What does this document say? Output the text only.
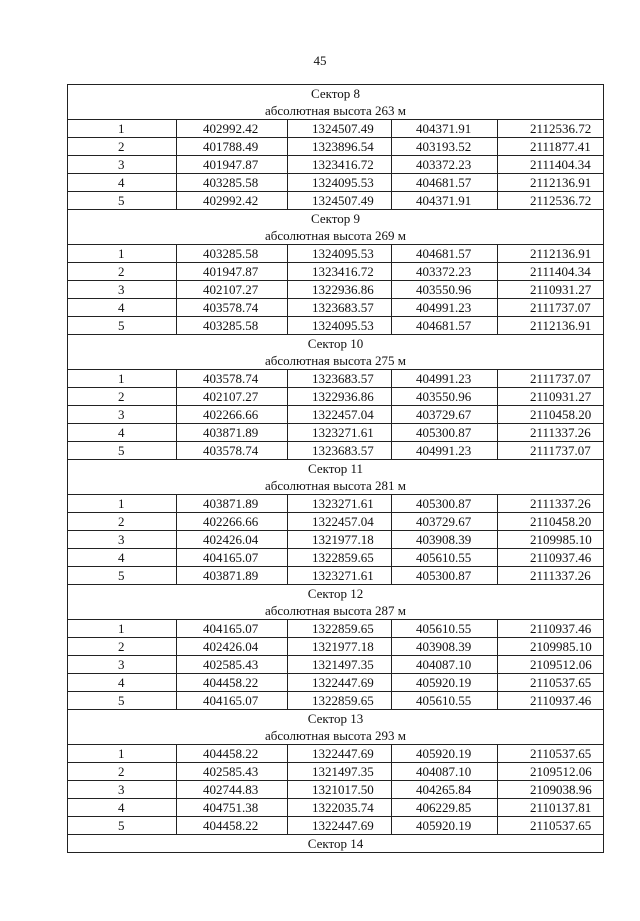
45
Сектор 8				
абсолютная высота 263 м				
1	402992.42	1324507.49	404371.91	2112536.72
2	401788.49	1323896.54	403193.52	2111877.41
3	401947.87	1323416.72	403372.23	2111404.34
4	403285.58	1324095.53	404681.57	2112136.91
5	402992.42	1324507.49	404371.91	2112536.72
Сектор 9				
абсолютная высота 269 м				
1	403285.58	1324095.53	404681.57	2112136.91
2	401947.87	1323416.72	403372.23	2111404.34
3	402107.27	1322936.86	403550.96	2110931.27
4	403578.74	1323683.57	404991.23	2111737.07
5	403285.58	1324095.53	404681.57	2112136.91
Сектор 10				
абсолютная высота 275 м				
1	403578.74	1323683.57	404991.23	2111737.07
2	402107.27	1322936.86	403550.96	2110931.27
3	402266.66	1322457.04	403729.67	2110458.20
4	403871.89	1323271.61	405300.87	2111337.26
5	403578.74	1323683.57	404991.23	2111737.07
Сектор 11				
абсолютная высота 281 м				
1	403871.89	1323271.61	405300.87	2111337.26
2	402266.66	1322457.04	403729.67	2110458.20
3	402426.04	1321977.18	403908.39	2109985.10
4	404165.07	1322859.65	405610.55	2110937.46
5	403871.89	1323271.61	405300.87	2111337.26
Сектор 12				
абсолютная высота 287 м				
1	404165.07	1322859.65	405610.55	2110937.46
2	402426.04	1321977.18	403908.39	2109985.10
3	402585.43	1321497.35	404087.10	2109512.06
4	404458.22	1322447.69	405920.19	2110537.65
5	404165.07	1322859.65	405610.55	2110937.46
Сектор 13				
абсолютная высота 293 м				
1	404458.22	1322447.69	405920.19	2110537.65
2	402585.43	1321497.35	404087.10	2109512.06
3	402744.83	1321017.50	404265.84	2109038.96
4	404751.38	1322035.74	406229.85	2110137.81
5	404458.22	1322447.69	405920.19	2110537.65
Сектор 14				
